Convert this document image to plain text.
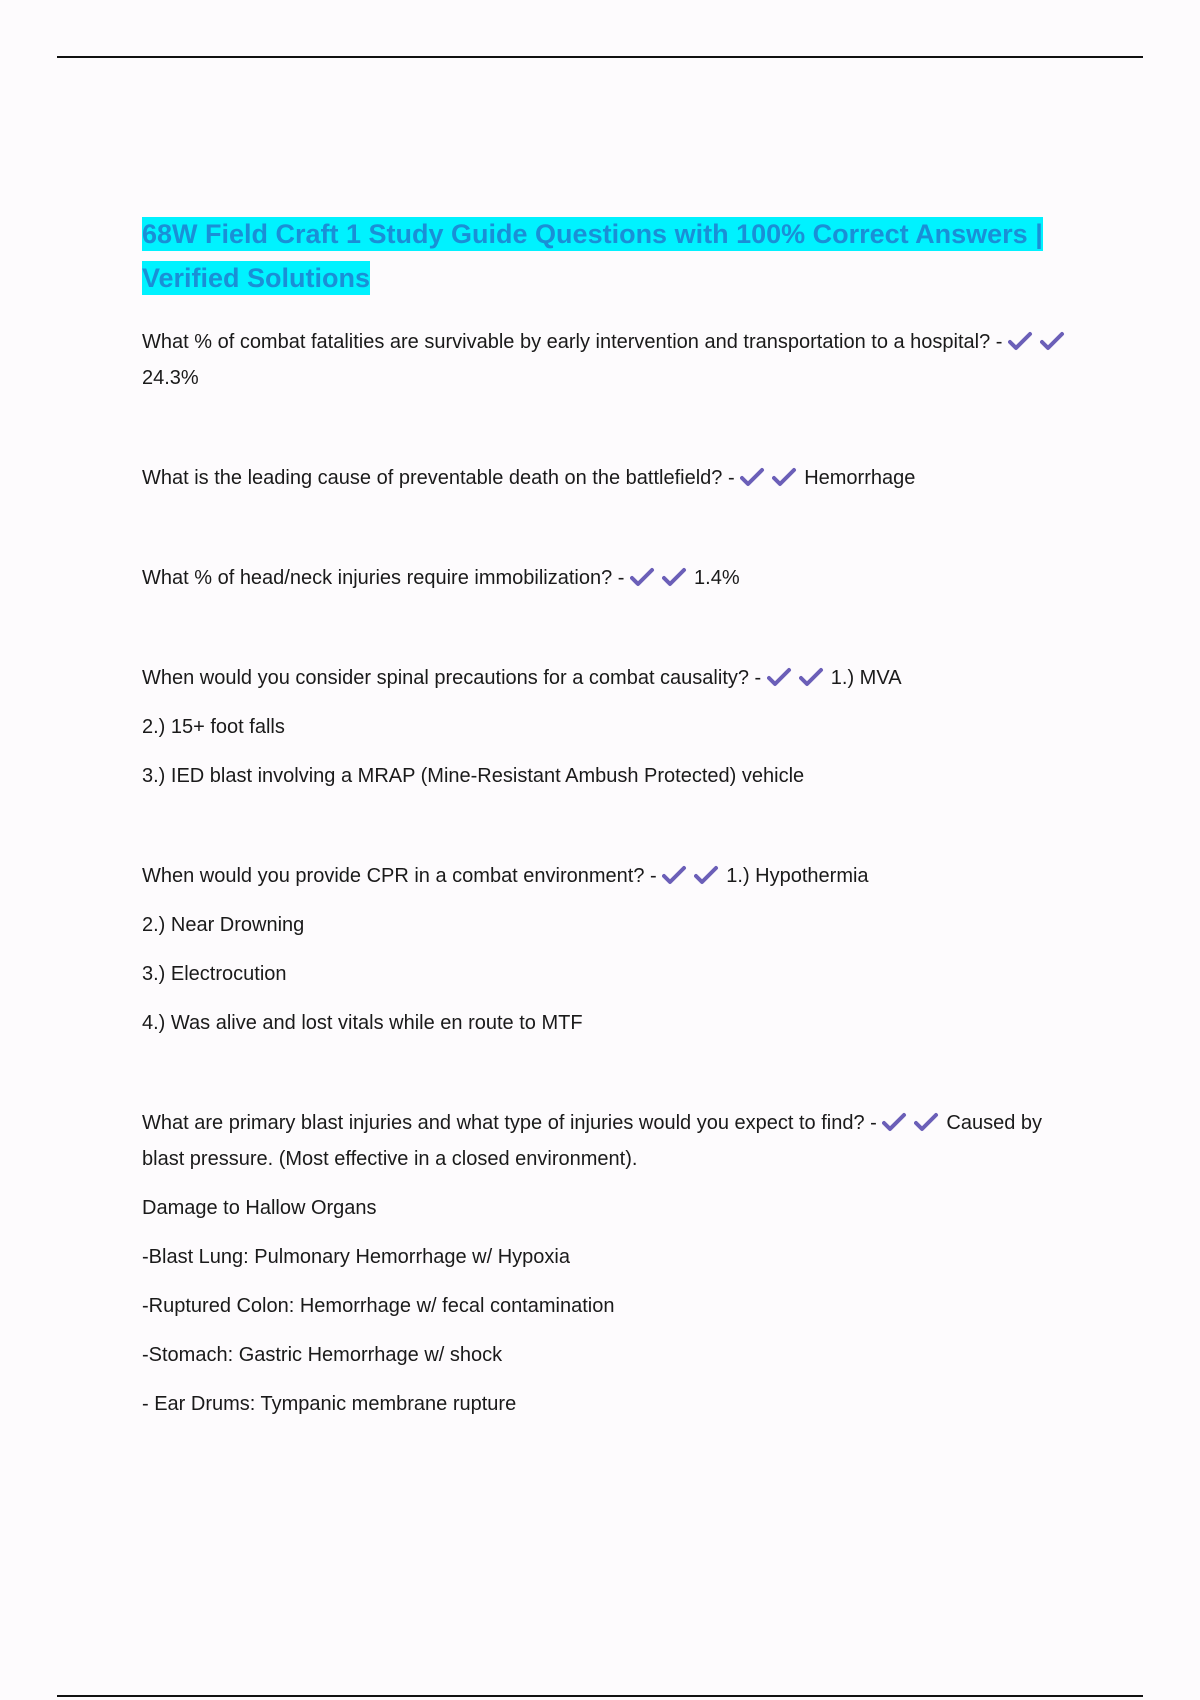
68W Field Craft 1 Study Guide Questions with 100% Correct Answers | Verified Solutions

What % of combat fatalities are survivable by early intervention and transportation to a hospital? -
24.3%

What is the leading cause of preventable death on the battlefield? -	Hemorrhage

What % of head/neck injuries require immobilization? -	1.4%

When would you consider spinal precautions for a combat causality? -	1.) MVA

2.) 15+ foot falls

3.) IED blast involving a MRAP (Mine-Resistant Ambush Protected) vehicle

When would you provide CPR in a combat environment? -	1.) Hypothermia

2.) Near Drowning

3.) Electrocution

4.) Was alive and lost vitals while en route to MTF

What are primary blast injuries and what type of injuries would you expect to find? -	Caused by blast pressure. (Most effective in a closed environment).

Damage to Hallow Organs

-Blast Lung: Pulmonary Hemorrhage w/ Hypoxia

-Ruptured Colon: Hemorrhage w/ fecal contamination

-Stomach: Gastric Hemorrhage w/ shock

- Ear Drums: Tympanic membrane rupture
